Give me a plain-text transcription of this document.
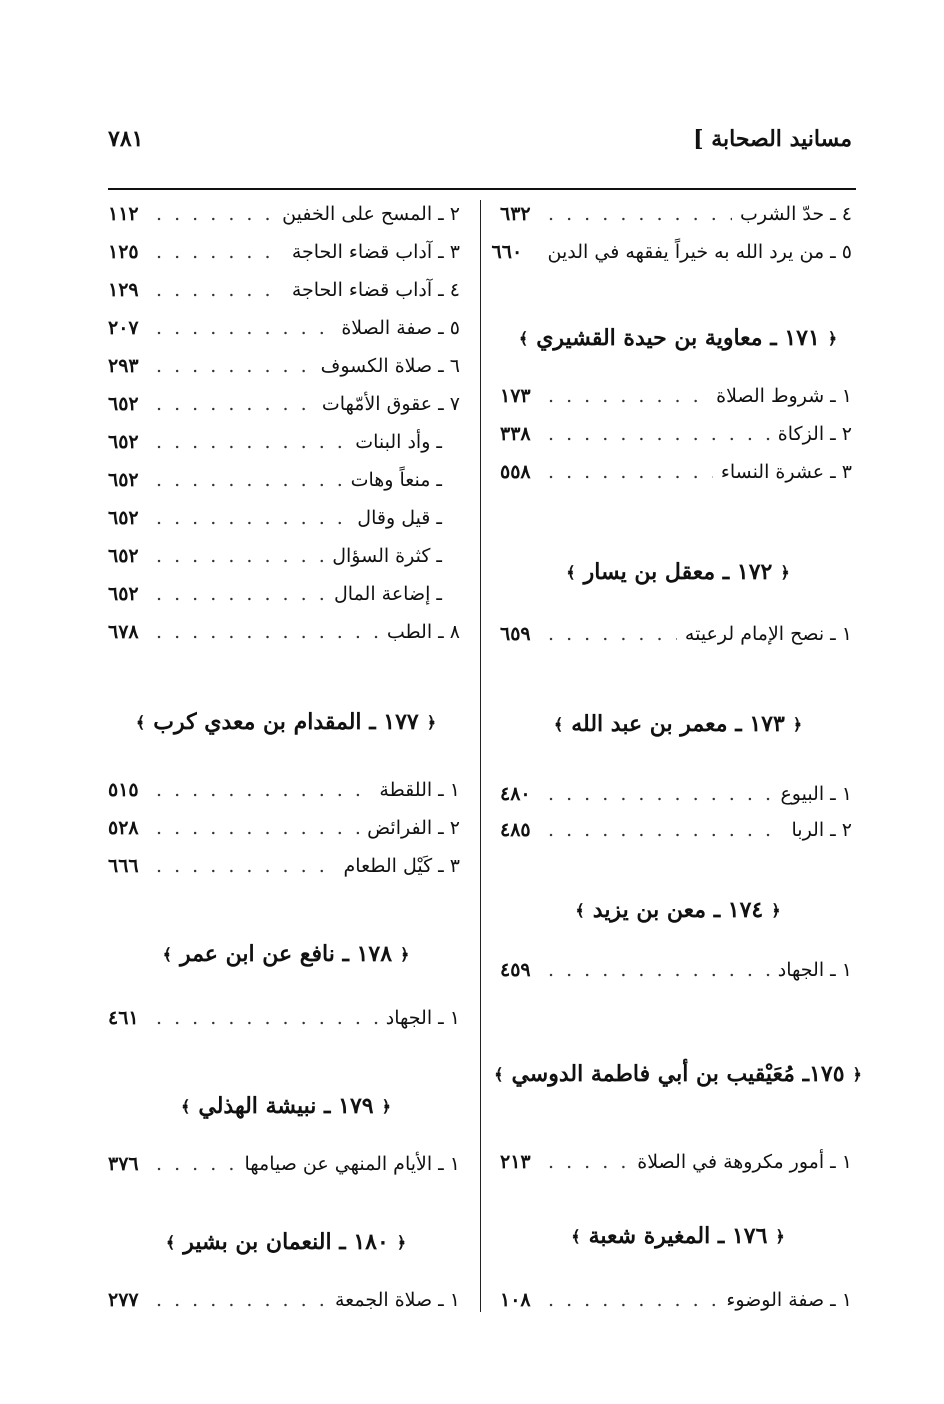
مسانيد الصحابة ]
٧٨١
٤ ـ حدّ الشرب
. . .
٦٣٢
٥ ـ من يرد الله به خيراً يفقهه في الدين
٦٦٠
﴿
١٧١ ـ معاوية بن حيدة القشيري
﴾
١ ـ شروط الصلاة
. . .
١٧٣
٢ ـ الزكاة
. . .
٣٣٨
٣ ـ عشرة النساء
. . .
٥٥٨
﴿
١٧٢ ـ معقل بن يسار
﴾
١ ـ نصح الإمام لرعيته
. . .
٦٥٩
﴿
١٧٣ ـ معمر بن عبد الله
﴾
١ ـ البيوع
. . .
٤٨٠
٢ ـ الربا
. . .
٤٨٥
﴿
١٧٤ ـ معن بن يزيد
﴾
١ ـ الجهاد
. . .
٤٥٩
﴿
١٧٥ـ مُعَيْقيب بن أبي فاطمة الدوسي
﴾
١ ـ أمور مكروهة في الصلاة
. . .
٢١٣
﴿
١٧٦ ـ المغيرة شعبة
﴾
١ ـ صفة الوضوء
. . .
١٠٨
٢ ـ المسح على الخفين
. . .
١١٢
٣ ـ آداب قضاء الحاجة
. . .
١٢٥
٤ ـ آداب قضاء الحاجة
. . .
١٢٩
٥ ـ صفة الصلاة
. . .
٢٠٧
٦ ـ صلاة الكسوف
. . .
٢٩٣
٧ ـ عقوق الأمّهات
. . .
٦٥٢
ـ وأد البنات
. . .
٦٥٢
ـ منعاً وهات
. . .
٦٥٢
ـ قيل وقال
. . .
٦٥٢
ـ كثرة السؤال
. . .
٦٥٢
ـ إضاعة المال
. . .
٦٥٢
٨ ـ الطب
. . .
٦٧٨
﴿
١٧٧ ـ المقدام بن معدي كرب
﴾
١ ـ اللقطة
. . .
٥١٥
٢ ـ الفرائض
. . .
٥٢٨
٣ ـ كَيْل الطعام
. . .
٦٦٦
﴿
١٧٨ ـ نافع عن ابن عمر
﴾
١ ـ الجهاد
. . .
٤٦١
﴿
١٧٩ ـ نبيشة الهذلي
﴾
١ ـ الأيام المنهي عن صيامها
. . .
٣٧٦
﴿
١٨٠ ـ النعمان بن بشير
﴾
١ ـ صلاة الجمعة
. . .
٢٧٧
